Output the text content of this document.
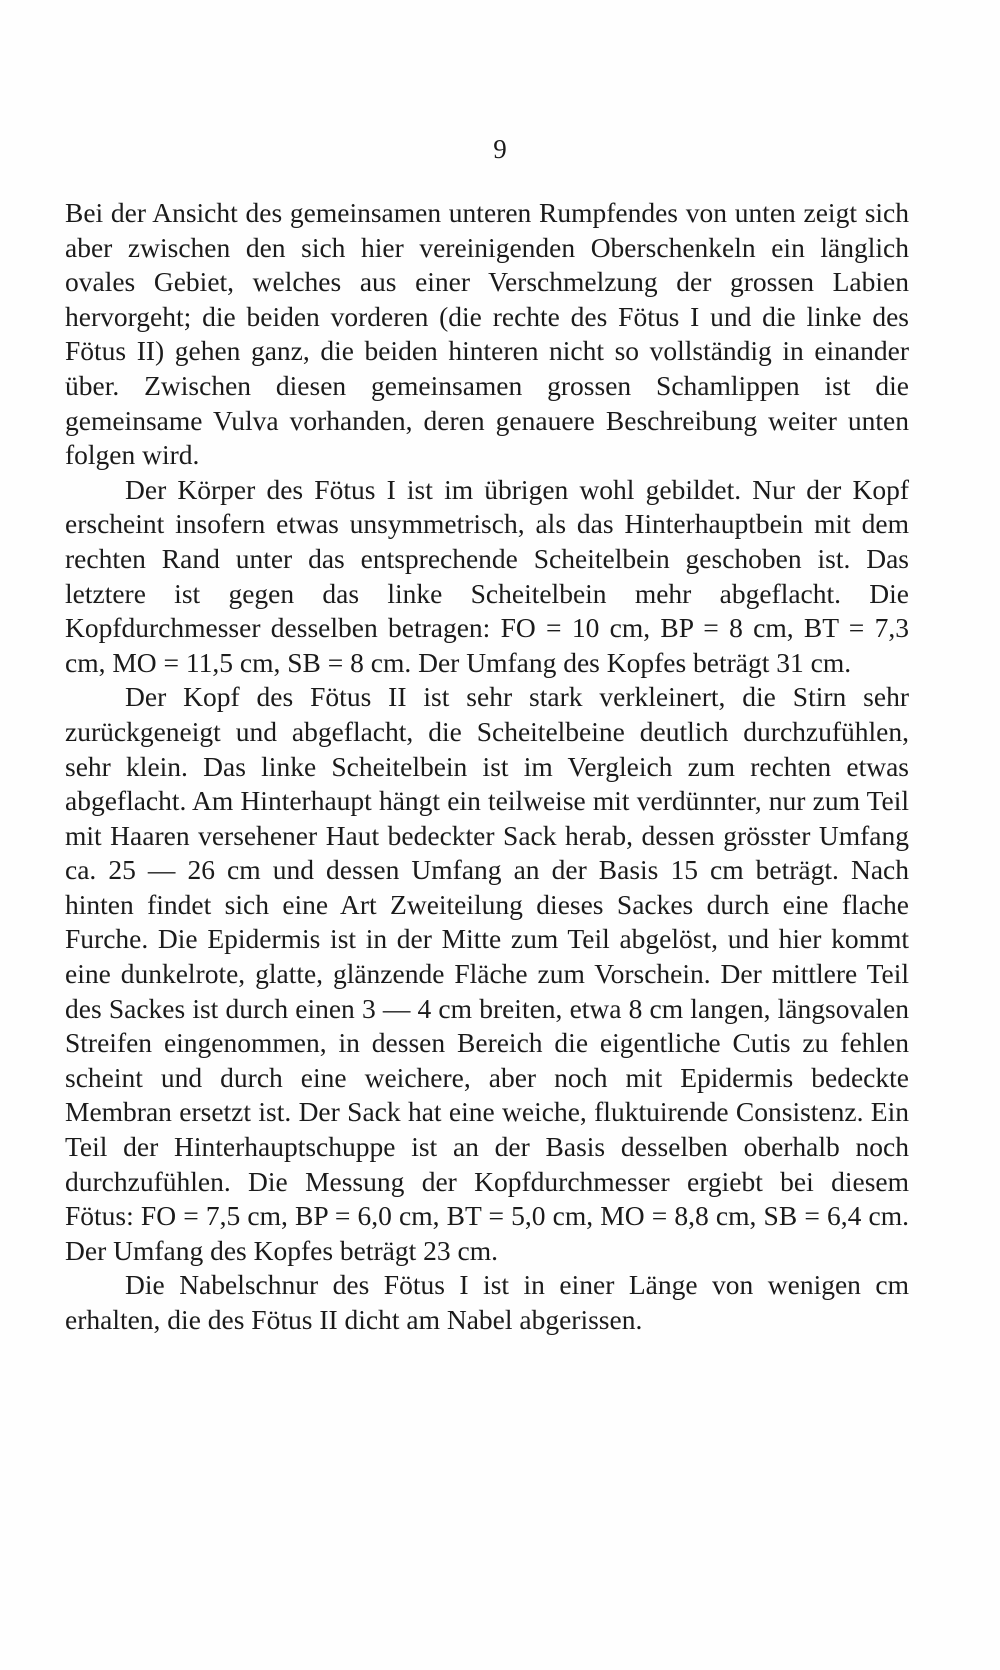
9

Bei der Ansicht des gemeinsamen unteren Rumpfendes von unten zeigt sich aber zwischen den sich hier vereinigenden Oberschenkeln ein länglich ovales Gebiet, welches aus einer Verschmelzung der grossen Labien hervorgeht; die beiden vorderen (die rechte des Fötus I und die linke des Fötus II) gehen ganz, die beiden hinteren nicht so vollständig in einander über. Zwischen diesen gemeinsamen grossen Schamlippen ist die gemeinsame Vulva vorhanden, deren genauere Beschreibung weiter unten folgen wird.

Der Körper des Fötus I ist im übrigen wohl gebildet. Nur der Kopf erscheint insofern etwas unsymmetrisch, als das Hinterhauptbein mit dem rechten Rand unter das entsprechende Scheitelbein geschoben ist. Das letztere ist gegen das linke Scheitelbein mehr abgeflacht. Die Kopfdurchmesser desselben betragen: FO = 10 cm, BP = 8 cm, BT = 7,3 cm, MO = 11,5 cm, SB = 8 cm. Der Umfang des Kopfes beträgt 31 cm.

Der Kopf des Fötus II ist sehr stark verkleinert, die Stirn sehr zurückgeneigt und abgeflacht, die Scheitelbeine deutlich durchzufühlen, sehr klein. Das linke Scheitelbein ist im Vergleich zum rechten etwas abgeflacht. Am Hinterhaupt hängt ein teilweise mit verdünnter, nur zum Teil mit Haaren versehener Haut bedeckter Sack herab, dessen grösster Umfang ca. 25 — 26 cm und dessen Umfang an der Basis 15 cm beträgt. Nach hinten findet sich eine Art Zweiteilung dieses Sackes durch eine flache Furche. Die Epidermis ist in der Mitte zum Teil abgelöst, und hier kommt eine dunkelrote, glatte, glänzende Fläche zum Vorschein. Der mittlere Teil des Sackes ist durch einen 3 — 4 cm breiten, etwa 8 cm langen, längsovalen Streifen eingenommen, in dessen Bereich die eigentliche Cutis zu fehlen scheint und durch eine weichere, aber noch mit Epidermis bedeckte Membran ersetzt ist. Der Sack hat eine weiche, fluktuirende Consistenz. Ein Teil der Hinterhauptschuppe ist an der Basis desselben oberhalb noch durchzufühlen. Die Messung der Kopfdurchmesser ergiebt bei diesem Fötus: FO = 7,5 cm, BP = 6,0 cm, BT = 5,0 cm, MO = 8,8 cm, SB = 6,4 cm. Der Umfang des Kopfes beträgt 23 cm.

Die Nabelschnur des Fötus I ist in einer Länge von wenigen cm erhalten, die des Fötus II dicht am Nabel abgerissen.
